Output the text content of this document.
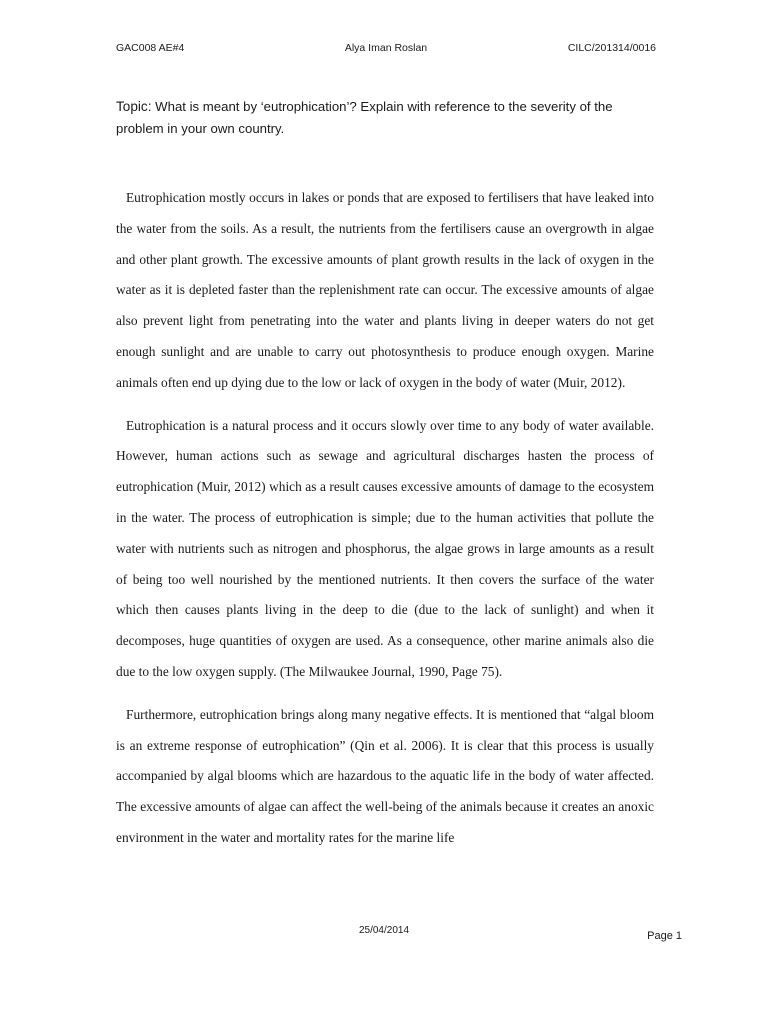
GAC008 AE#4	Alya Iman Roslan	CILC/201314/0016
Topic: What is meant by ‘eutrophication’? Explain with reference to the severity of the problem in your own country.

Eutrophication mostly occurs in lakes or ponds that are exposed to fertilisers that have leaked into the water from the soils. As a result, the nutrients from the fertilisers cause an overgrowth in algae and other plant growth. The excessive amounts of plant growth results in the lack of oxygen in the water as it is depleted faster than the replenishment rate can occur. The excessive amounts of algae also prevent light from penetrating into the water and plants living in deeper waters do not get enough sunlight and are unable to carry out photosynthesis to produce enough oxygen. Marine animals often end up dying due to the low or lack of oxygen in the body of water (Muir, 2012).

Eutrophication is a natural process and it occurs slowly over time to any body of water available. However, human actions such as sewage and agricultural discharges hasten the process of eutrophication (Muir, 2012) which as a result causes excessive amounts of damage to the ecosystem in the water. The process of eutrophication is simple; due to the human activities that pollute the water with nutrients such as nitrogen and phosphorus, the algae grows in large amounts as a result of being too well nourished by the mentioned nutrients. It then covers the surface of the water which then causes plants living in the deep to die (due to the lack of sunlight) and when it decomposes, huge quantities of oxygen are used. As a consequence, other marine animals also die due to the low oxygen supply. (The Milwaukee Journal, 1990, Page 75).

Furthermore, eutrophication brings along many negative effects. It is mentioned that “algal bloom is an extreme response of eutrophication” (Qin et al. 2006). It is clear that this process is usually accompanied by algal blooms which are hazardous to the aquatic life in the body of water affected. The excessive amounts of algae can affect the well-being of the animals because it creates an anoxic environment in the water and mortality rates for the marine life

25/04/2014	Page 1
